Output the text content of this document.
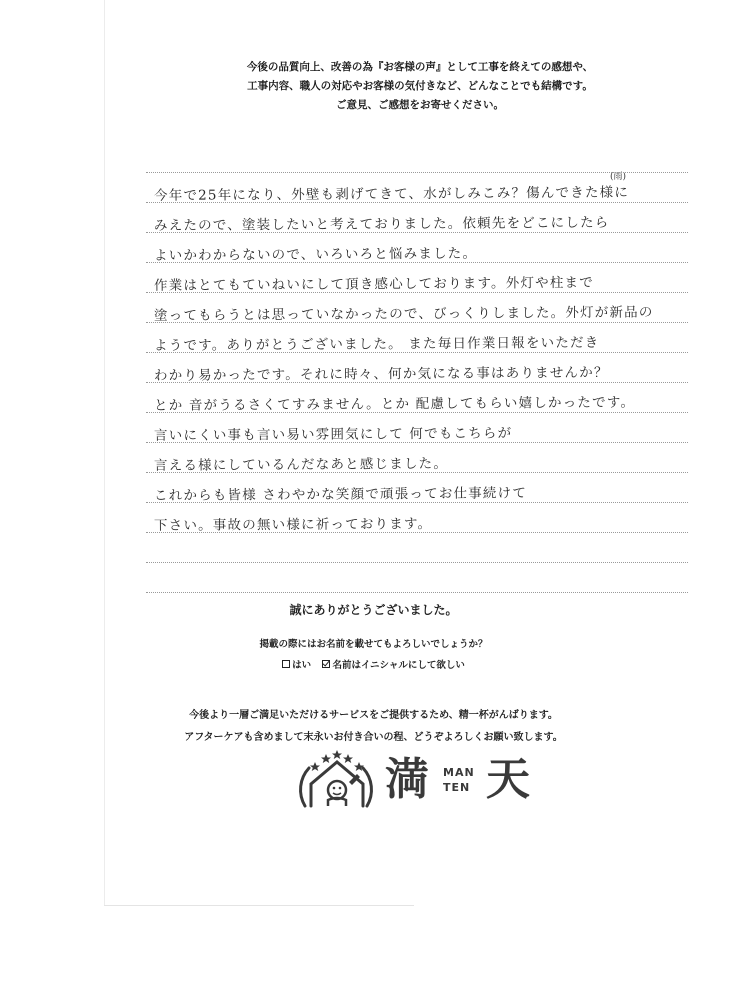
今後の品質向上、改善の為『お客様の声』として工事を終えての感想や、
工事内容、職人の対応やお客様の気付きなど、どんなことでも結構です。
ご意見、ご感想をお寄せください。
(雨)
今年で25年になり、外壁も剥げてきて、水がしみこみ？傷んできた様に
みえたので、塗装したいと考えておりました。依頼先をどこにしたら
よいかわからないので、いろいろと悩みました。
作業はとてもていねいにして頂き感心しております。外灯や柱まで
塗ってもらうとは思っていなかったので、びっくりしました。外灯が新品の
ようです。ありがとうございました。 また毎日作業日報をいただき
わかり易かったです。それに時々、何か気になる事はありませんか？
とか 音がうるさくてすみません。とか 配慮してもらい嬉しかったです。
言いにくい事も言い易い雰囲気にして 何でもこちらが
言える様にしているんだなあと感じました。
これからも皆様 さわやかな笑顔で頑張ってお仕事続けて
下さい。事故の無い様に祈っております。
誠にありがとうございました。
掲載の際にはお名前を載せてもよろしいでしょうか？
はい
名前はイニシャルにして欲しい
今後より一層ご満足いただけるサービスをご提供するため、精一杯がんばります。
アフターケアも含めまして末永いお付き合いの程、どうぞよろしくお願い致します。
満 MAN
TEN 天
